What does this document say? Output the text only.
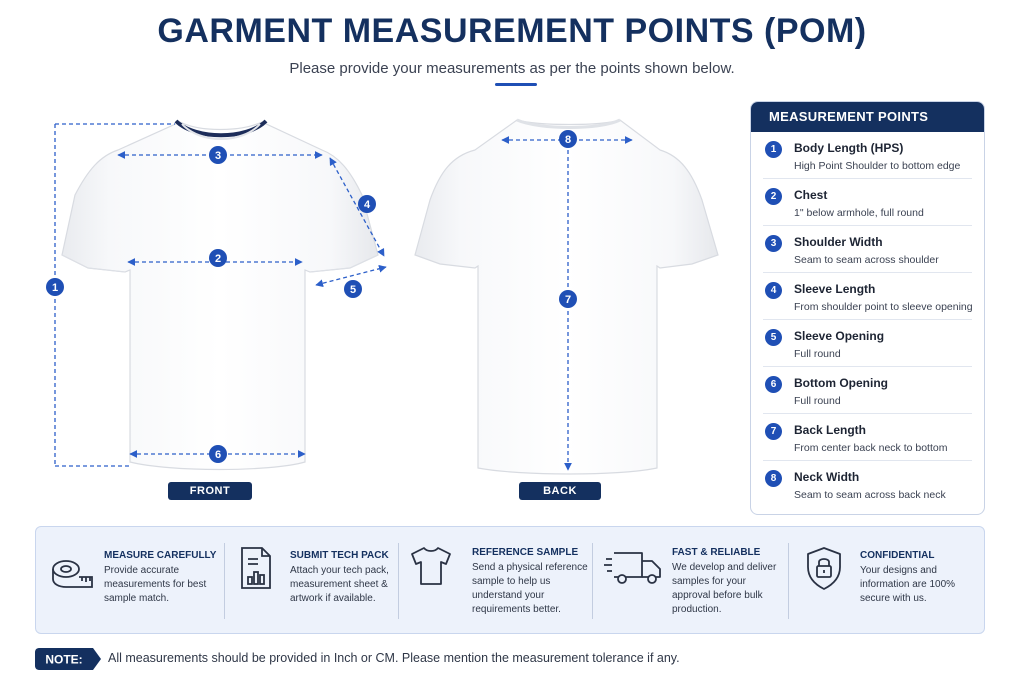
GARMENT MEASUREMENT POINTS (POM)
Please provide your measurements as per the points shown below.
1
3
2
4
5
6
8
7
FRONT	BACK
MEASUREMENT POINTS
1	Body Length (HPS)
High Point Shoulder to bottom edge
2	Chest
1" below armhole, full round
3	Shoulder Width
Seam to seam across shoulder
4	Sleeve Length
From shoulder point to sleeve opening
5	Sleeve Opening
Full round
6	Bottom Opening
Full round
7	Back Length
From center back neck to bottom
8	Neck Width
Seam to seam across back neck
MEASURE CAREFULLY
Provide accurate
measurements for best
sample match.
SUBMIT TECH PACK
Attach your tech pack,
measurement sheet &
artwork if available.
REFERENCE SAMPLE
Send a physical reference
sample to help us
understand your
requirements better.
FAST & RELIABLE
We develop and deliver
samples for your
approval before bulk
production.
CONFIDENTIAL
Your designs and
information are 100%
secure with us.
NOTE: All measurements should be provided in Inch or CM. Please mention the measurement tolerance if any.
